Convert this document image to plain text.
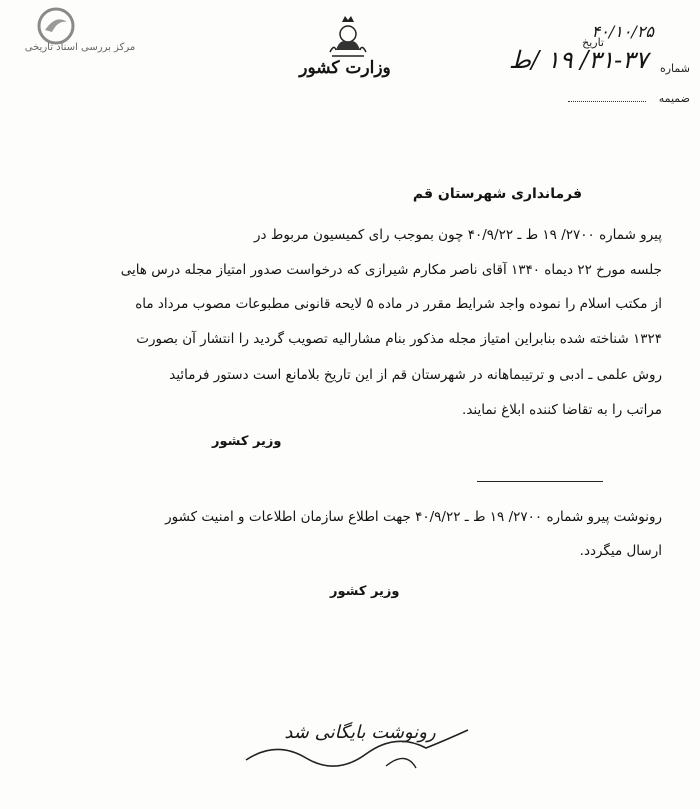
مرکز بررسی اسناد تاریخی
وزارت کشور
تاریخ
۴۰/۱۰/۲۵
شماره
۳۱-۳۷/ ۱۹ /ط
ضمیمه
فرمانداری شهرستان قم
پیرو شماره ۲۷۰۰/ ۱۹ ط ـ ۴۰/۹/۲۲ چون بموجب رای کمیسیون مربوط در
جلسه مورخ ۲۲ دیماه ۱۳۴۰ آقای ناصر مکارم شیرازی که درخواست صدور امتیاز مجله درس هایی
از مکتب اسلام را نموده واجد شرایط مقرر در ماده ۵ لایحه قانونی مطبوعات مصوب مرداد ماه
۱۳۲۴ شناخته شده بنابراین امتیاز مجله مذکور بنام مشارالیه تصویب گردید را انتشار آن بصورت
روش علمی ـ ادبی و ترتیبماهانه در شهرستان قم از این تاریخ بلامانع است دستور فرمائید
مراتب را به تقاضا کننده ابلاغ نمایند.
وزیر کشور
رونوشت پیرو شماره ۲۷۰۰/ ۱۹ ط ـ ۴۰/۹/۲۲ جهت اطلاع سازمان اطلاعات و امنیت کشور
ارسال میگردد.
وزیر کشور
رونوشت بایگانی شد
